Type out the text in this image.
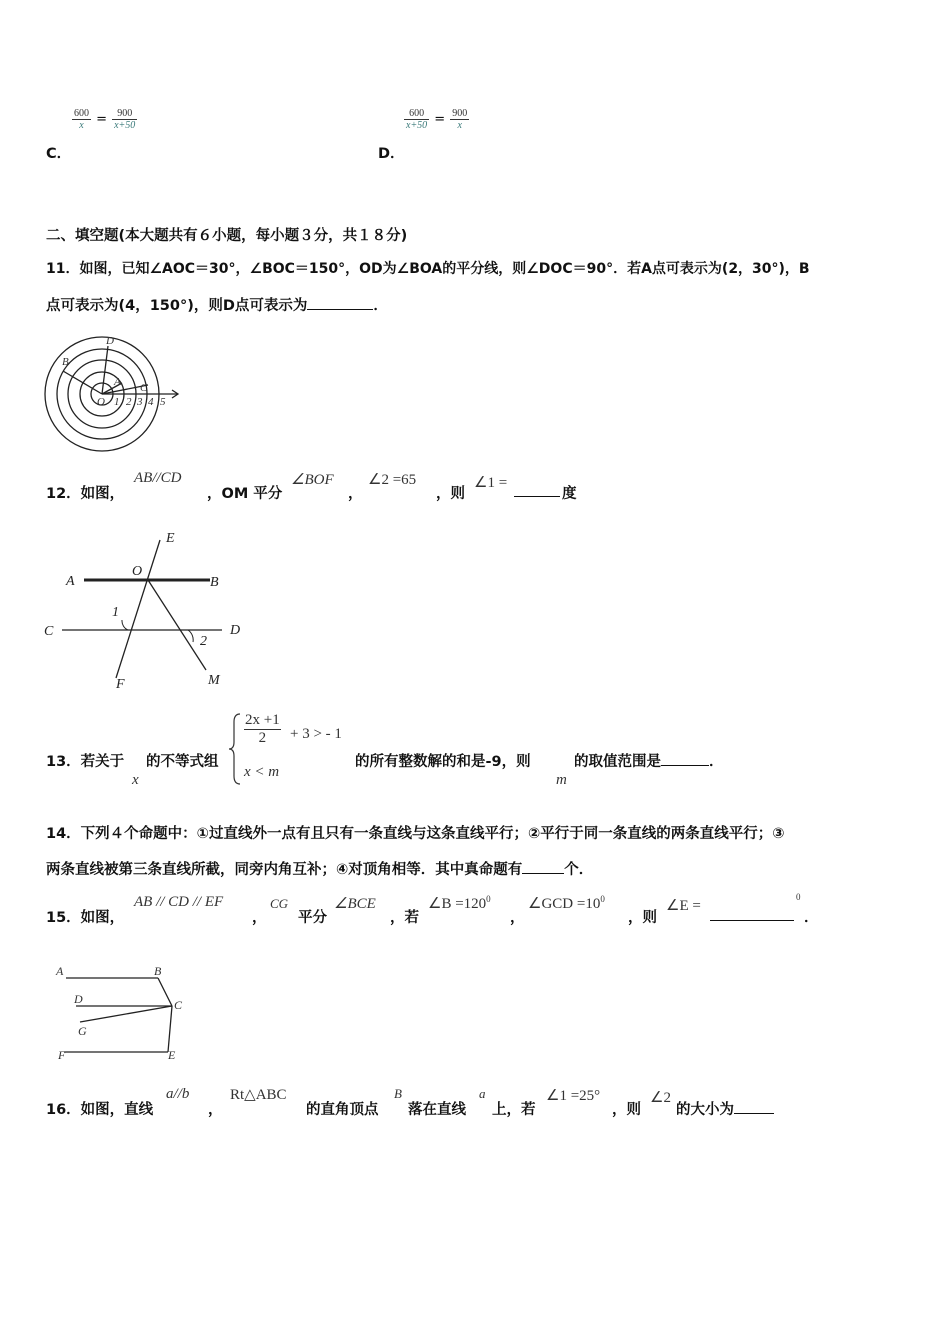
C．
$\frac{600}{x} = \frac{900}{x+50}$
D．
$\frac{600}{x+50} = \frac{900}{x}$
二、填空题(本大题共有６小题，每小题３分，共１８分)
11．如图，已知∠AOC＝30°，∠BOC＝150°，OD为∠BOA的平分线，则∠DOC＝90°．若A点可表示为(2，30°)，B
点可表示为(4，150°)，则D点可表示为	．
B
D
A C
O 1 2 3 4 5
12．如图，
AB//CD
，OM 平分
∠BOF
，
∠2 =65
，则
∠1 =
度
E
A
O
B
1
C	D
2
F	M
13．若关于
x
的不等式组
$\frac{2x +1}{2} + 3$ > - 1
x < m
的所有整数解的和是-9，则
m
的取值范围是	．
14．下列４个命题中：①过直线外一点有且只有一条直线与这条直线平行；②平行于同一条直线的两条直线平行；③
两条直线被第三条直线所截，同旁内角互补；④对顶角相等．其中真命题有	个．
15．如图，
AB // CD // EF
，
CG
平分
∠BCE
，若
∠B $=120^0$
，
∠GCD $=10^0$
，则
∠E =
0
．
A	B
D	C
G
F	E
16．如图，直线
a//b
，
Rt△ABC
的直角顶点
B
落在直线
a
上，若
∠1 =25°
，则
∠2
的大小为
